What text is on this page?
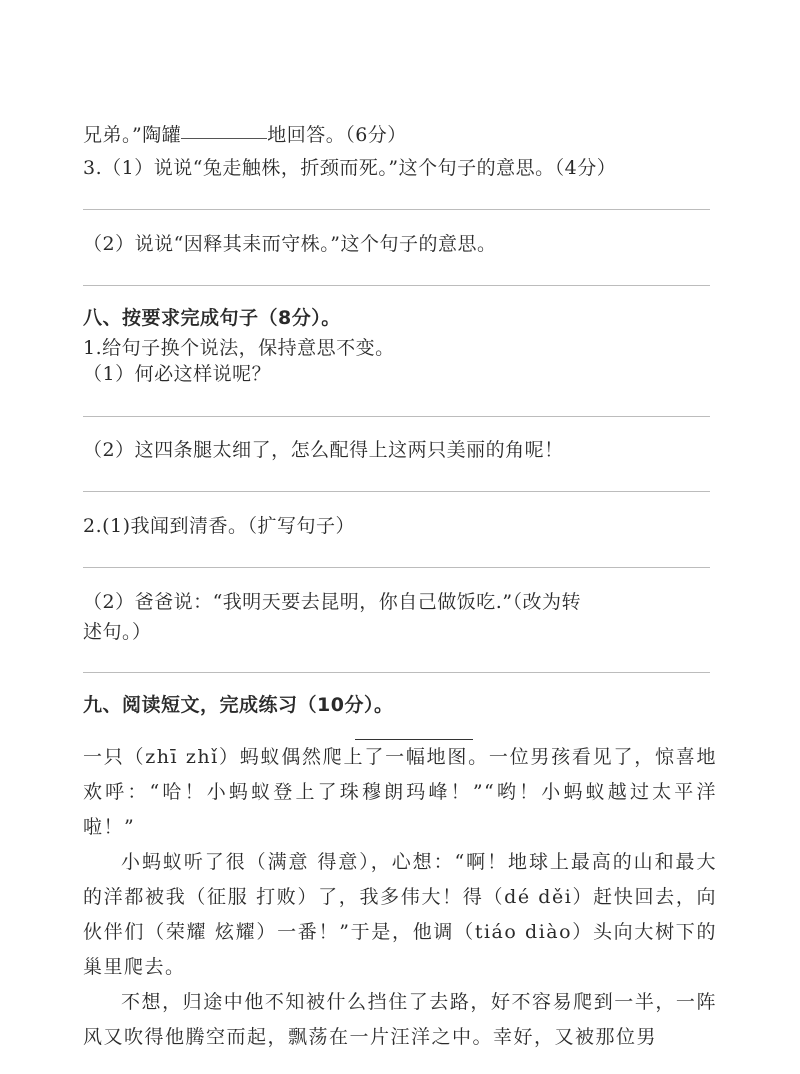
兄弟。”陶罐	地回答。（6分）
3.（1）说说“兔走触株，折颈而死。”这个句子的意思。（4分）
（2）说说“因释其耒而守株。”这个句子的意思。
八、按要求完成句子（8分）。
1.给句子换个说法，保持意思不变。
（1）何必这样说呢？
（2）这四条腿太细了，怎么配得上这两只美丽的角呢！
2.(1)我闻到清香。（扩写句子）
（2）爸爸说：“我明天要去昆明，你自己做饭吃.”（改为转
述句。）
九、阅读短文，完成练习（10分）。

一只（zhī zhǐ）蚂蚁偶然爬上了一幅地图。一位男孩看见了，惊喜地欢呼：“哈！小蚂蚁登上了珠穆朗玛峰！”“哟！小蚂蚁越过太平洋啦！”

小蚂蚁听了很（满意 得意），心想：“啊！地球上最高的山和最大的洋都被我（征服 打败）了，我多伟大！得（dé děi）赶快回去，向伙伴们（荣耀 炫耀）一番！”于是，他调（tiáo diào）头向大树下的巢里爬去。

不想，归途中他不知被什么挡住了去路，好不容易爬到一半，一阵风又吹得他腾空而起，飘荡在一片汪洋之中。幸好，又被那位男
